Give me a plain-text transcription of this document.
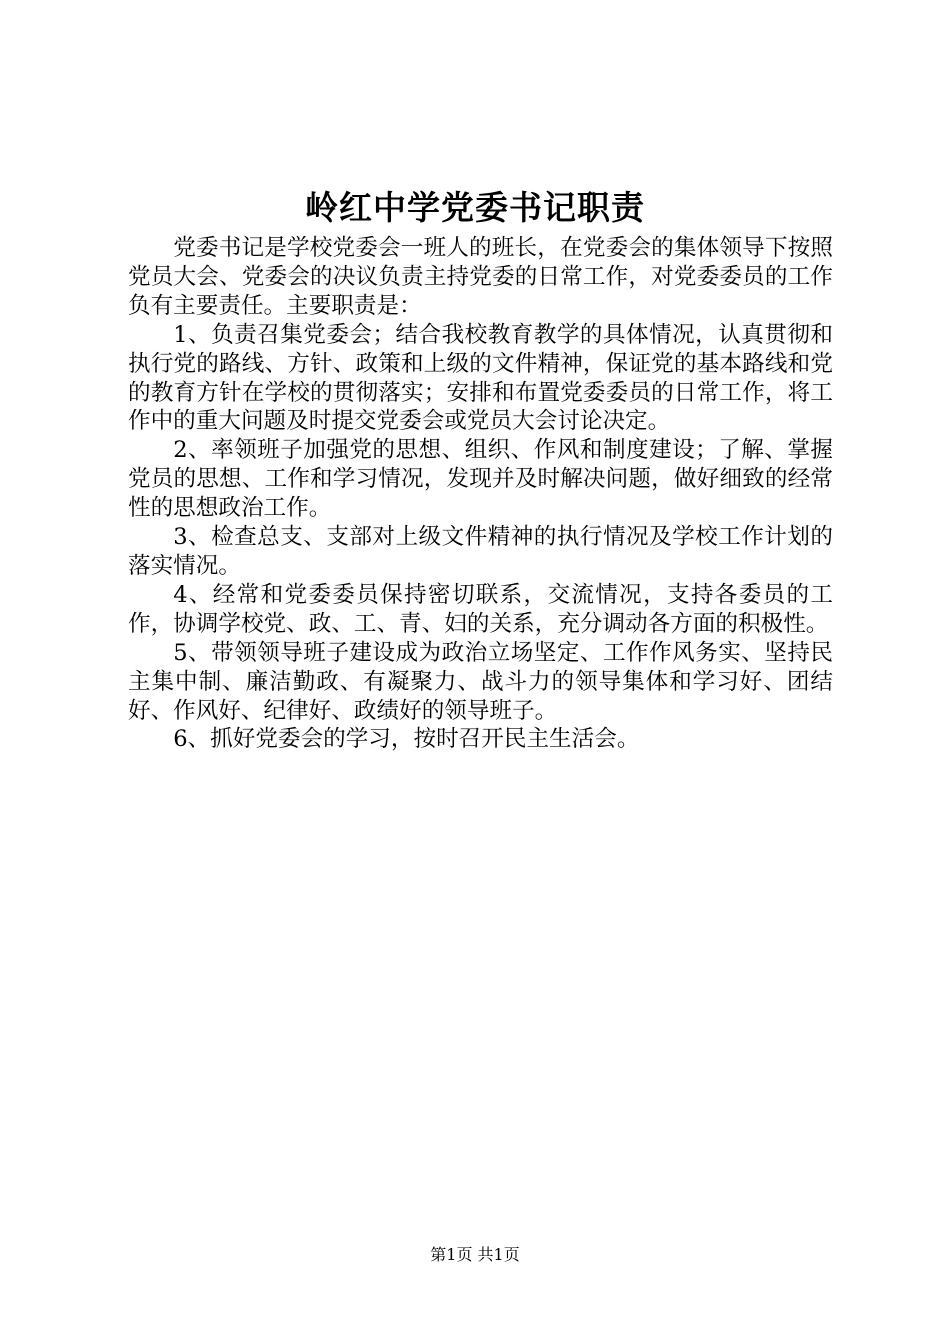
岭红中学党委书记职责

党委书记是学校党委会一班人的班长，在党委会的集体领导下按照党员大会、党委会的决议负责主持党委的日常工作，对党委委员的工作负有主要责任。主要职责是：

1、负责召集党委会；结合我校教育教学的具体情况，认真贯彻和执行党的路线、方针、政策和上级的文件精神，保证党的基本路线和党的教育方针在学校的贯彻落实；安排和布置党委委员的日常工作，将工作中的重大问题及时提交党委会或党员大会讨论决定。

2、率领班子加强党的思想、组织、作风和制度建设；了解、掌握党员的思想、工作和学习情况，发现并及时解决问题，做好细致的经常性的思想政治工作。

3、检查总支、支部对上级文件精神的执行情况及学校工作计划的落实情况。

4、经常和党委委员保持密切联系，交流情况，支持各委员的工作，协调学校党、政、工、青、妇的关系，充分调动各方面的积极性。

5、带领领导班子建设成为政治立场坚定、工作作风务实、坚持民主集中制、廉洁勤政、有凝聚力、战斗力的领导集体和学习好、团结好、作风好、纪律好、政绩好的领导班子。

6、抓好党委会的学习，按时召开民主生活会。

第1页 共1页
